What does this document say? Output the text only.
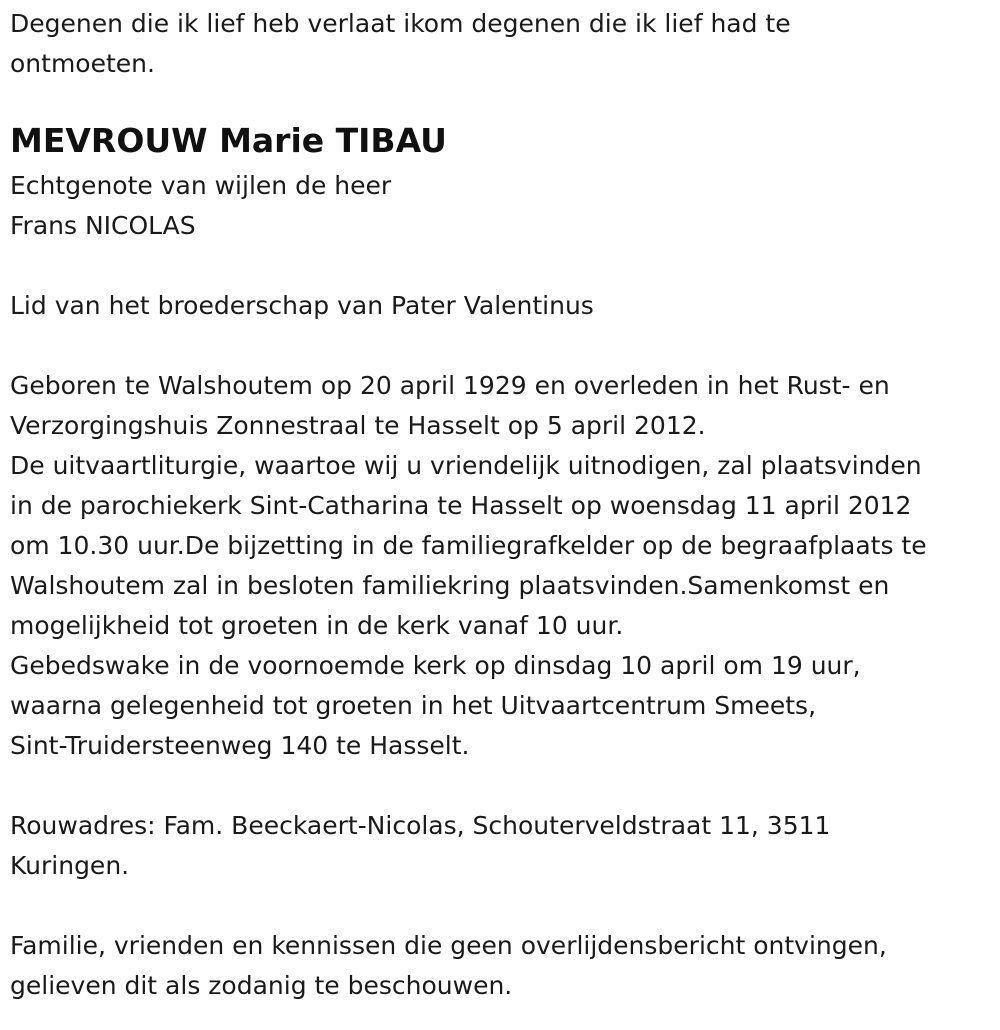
Degenen die ik lief heb verlaat ikom degenen die ik lief had te
ontmoeten.
MEVROUW Marie TIBAU
Echtgenote van wijlen de heer
Frans NICOLAS
Lid van het broederschap van Pater Valentinus
Geboren te Walshoutem op 20 april 1929 en overleden in het Rust- en
Verzorgingshuis Zonnestraal te Hasselt op 5 april 2012.
De uitvaartliturgie, waartoe wij u vriendelijk uitnodigen, zal plaatsvinden
in de parochiekerk Sint-Catharina te Hasselt op woensdag 11 april 2012
om 10.30 uur.De bijzetting in de familiegrafkelder op de begraafplaats te
Walshoutem zal in besloten familiekring plaatsvinden.Samenkomst en
mogelijkheid tot groeten in de kerk vanaf 10 uur.
Gebedswake in de voornoemde kerk op dinsdag 10 april om 19 uur,
waarna gelegenheid tot groeten in het Uitvaartcentrum Smeets,
Sint-Truidersteenweg 140 te Hasselt.
Rouwadres: Fam. Beeckaert-Nicolas, Schouterveldstraat 11, 3511
Kuringen.
Familie, vrienden en kennissen die geen overlijdensbericht ontvingen,
gelieven dit als zodanig te beschouwen.
